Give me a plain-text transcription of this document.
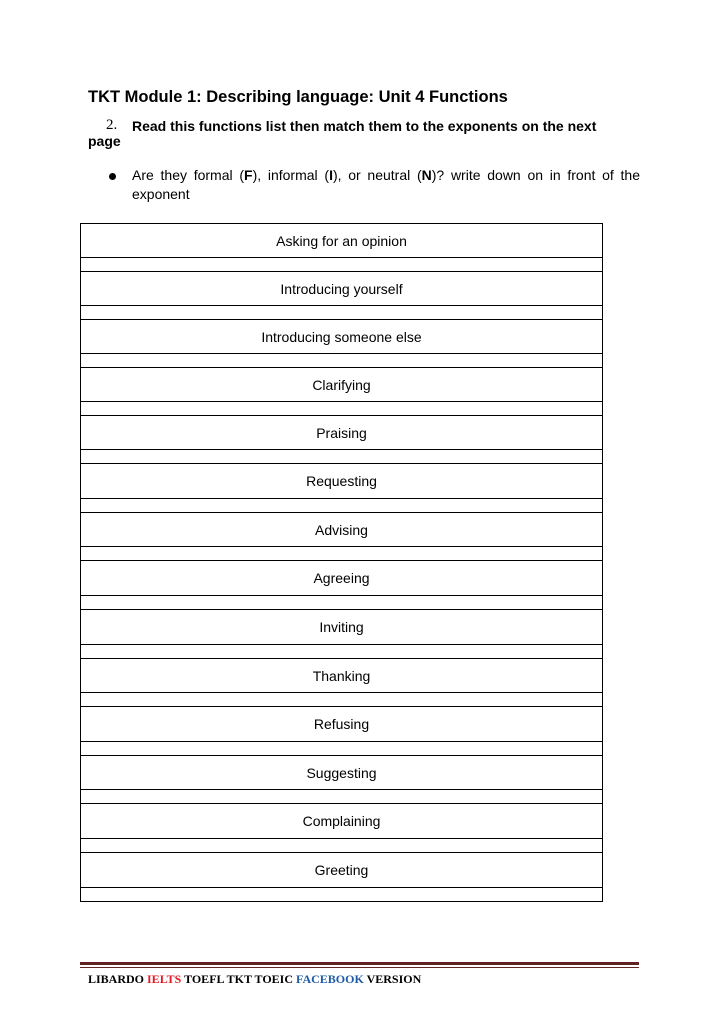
TKT Module 1: Describing language: Unit 4 Functions
2. Read this functions list then match them to the exponents on the next
page
Are they formal (F), informal (I), or neutral (N)? write down on in front of the exponent
Asking for an opinion

Introducing yourself

Introducing someone else

Clarifying

Praising

Requesting

Advising

Agreeing

Inviting

Thanking

Refusing

Suggesting

Complaining

Greeting

LIBARDO IELTS TOEFL TKT TOEIC FACEBOOK VERSION
